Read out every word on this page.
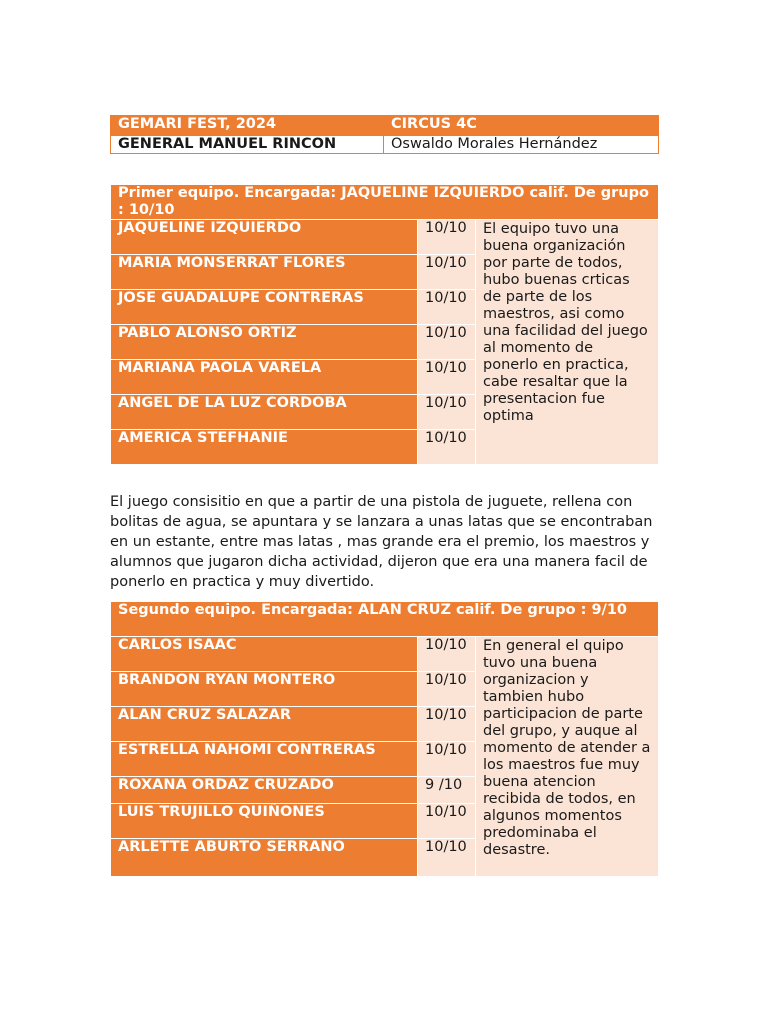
GEMARI FEST, 2024	CIRCUS 4C
GENERAL MANUEL RINCON	Oswaldo Morales Hernández
Primer equipo. Encargada: JAQUELINE IZQUIERDO calif. De grupo : 10/10		
JAQUELINE IZQUIERDO	10/10	El equipo tuvo una buena organización por parte de todos, hubo buenas crticas de parte de los maestros, asi como una facilidad del juego al momento de ponerlo en practica, cabe resaltar que la presentacion fue optima
MARIA MONSERRAT FLORES	10/10	
JOSE GUADALUPE CONTRERAS	10/10	
PABLO ALONSO ORTIZ	10/10	
MARIANA PAOLA VARELA	10/10	
ANGEL DE LA LUZ CORDOBA	10/10	
AMERICA STEFHANIE	10/10	

El juego consisitio en que a partir de una pistola de juguete, rellena con bolitas de agua, se apuntara y se lanzara a unas latas que se encontraban en un estante, entre mas latas , mas grande era el premio, los maestros y alumnos que jugaron dicha actividad, dijeron que era una manera facil de ponerlo en practica y muy divertido.

Segundo equipo. Encargada: ALAN CRUZ calif. De grupo : 9/10		
CARLOS ISAAC	10/10	En general el quipo tuvo una buena organizacion y tambien hubo participacion de parte del grupo, y auque al momento de atender a los maestros fue muy buena atencion recibida de todos, en algunos momentos predominaba el desastre.
BRANDON RYAN MONTERO	10/10	
ALAN CRUZ SALAZAR	10/10	
ESTRELLA NAHOMI CONTRERAS	10/10	
ROXANA ORDAZ CRUZADO	9 /10	
LUIS TRUJILLO QUIÑONES	10/10	
ARLETTE ABURTO SERRANO	10/10	
